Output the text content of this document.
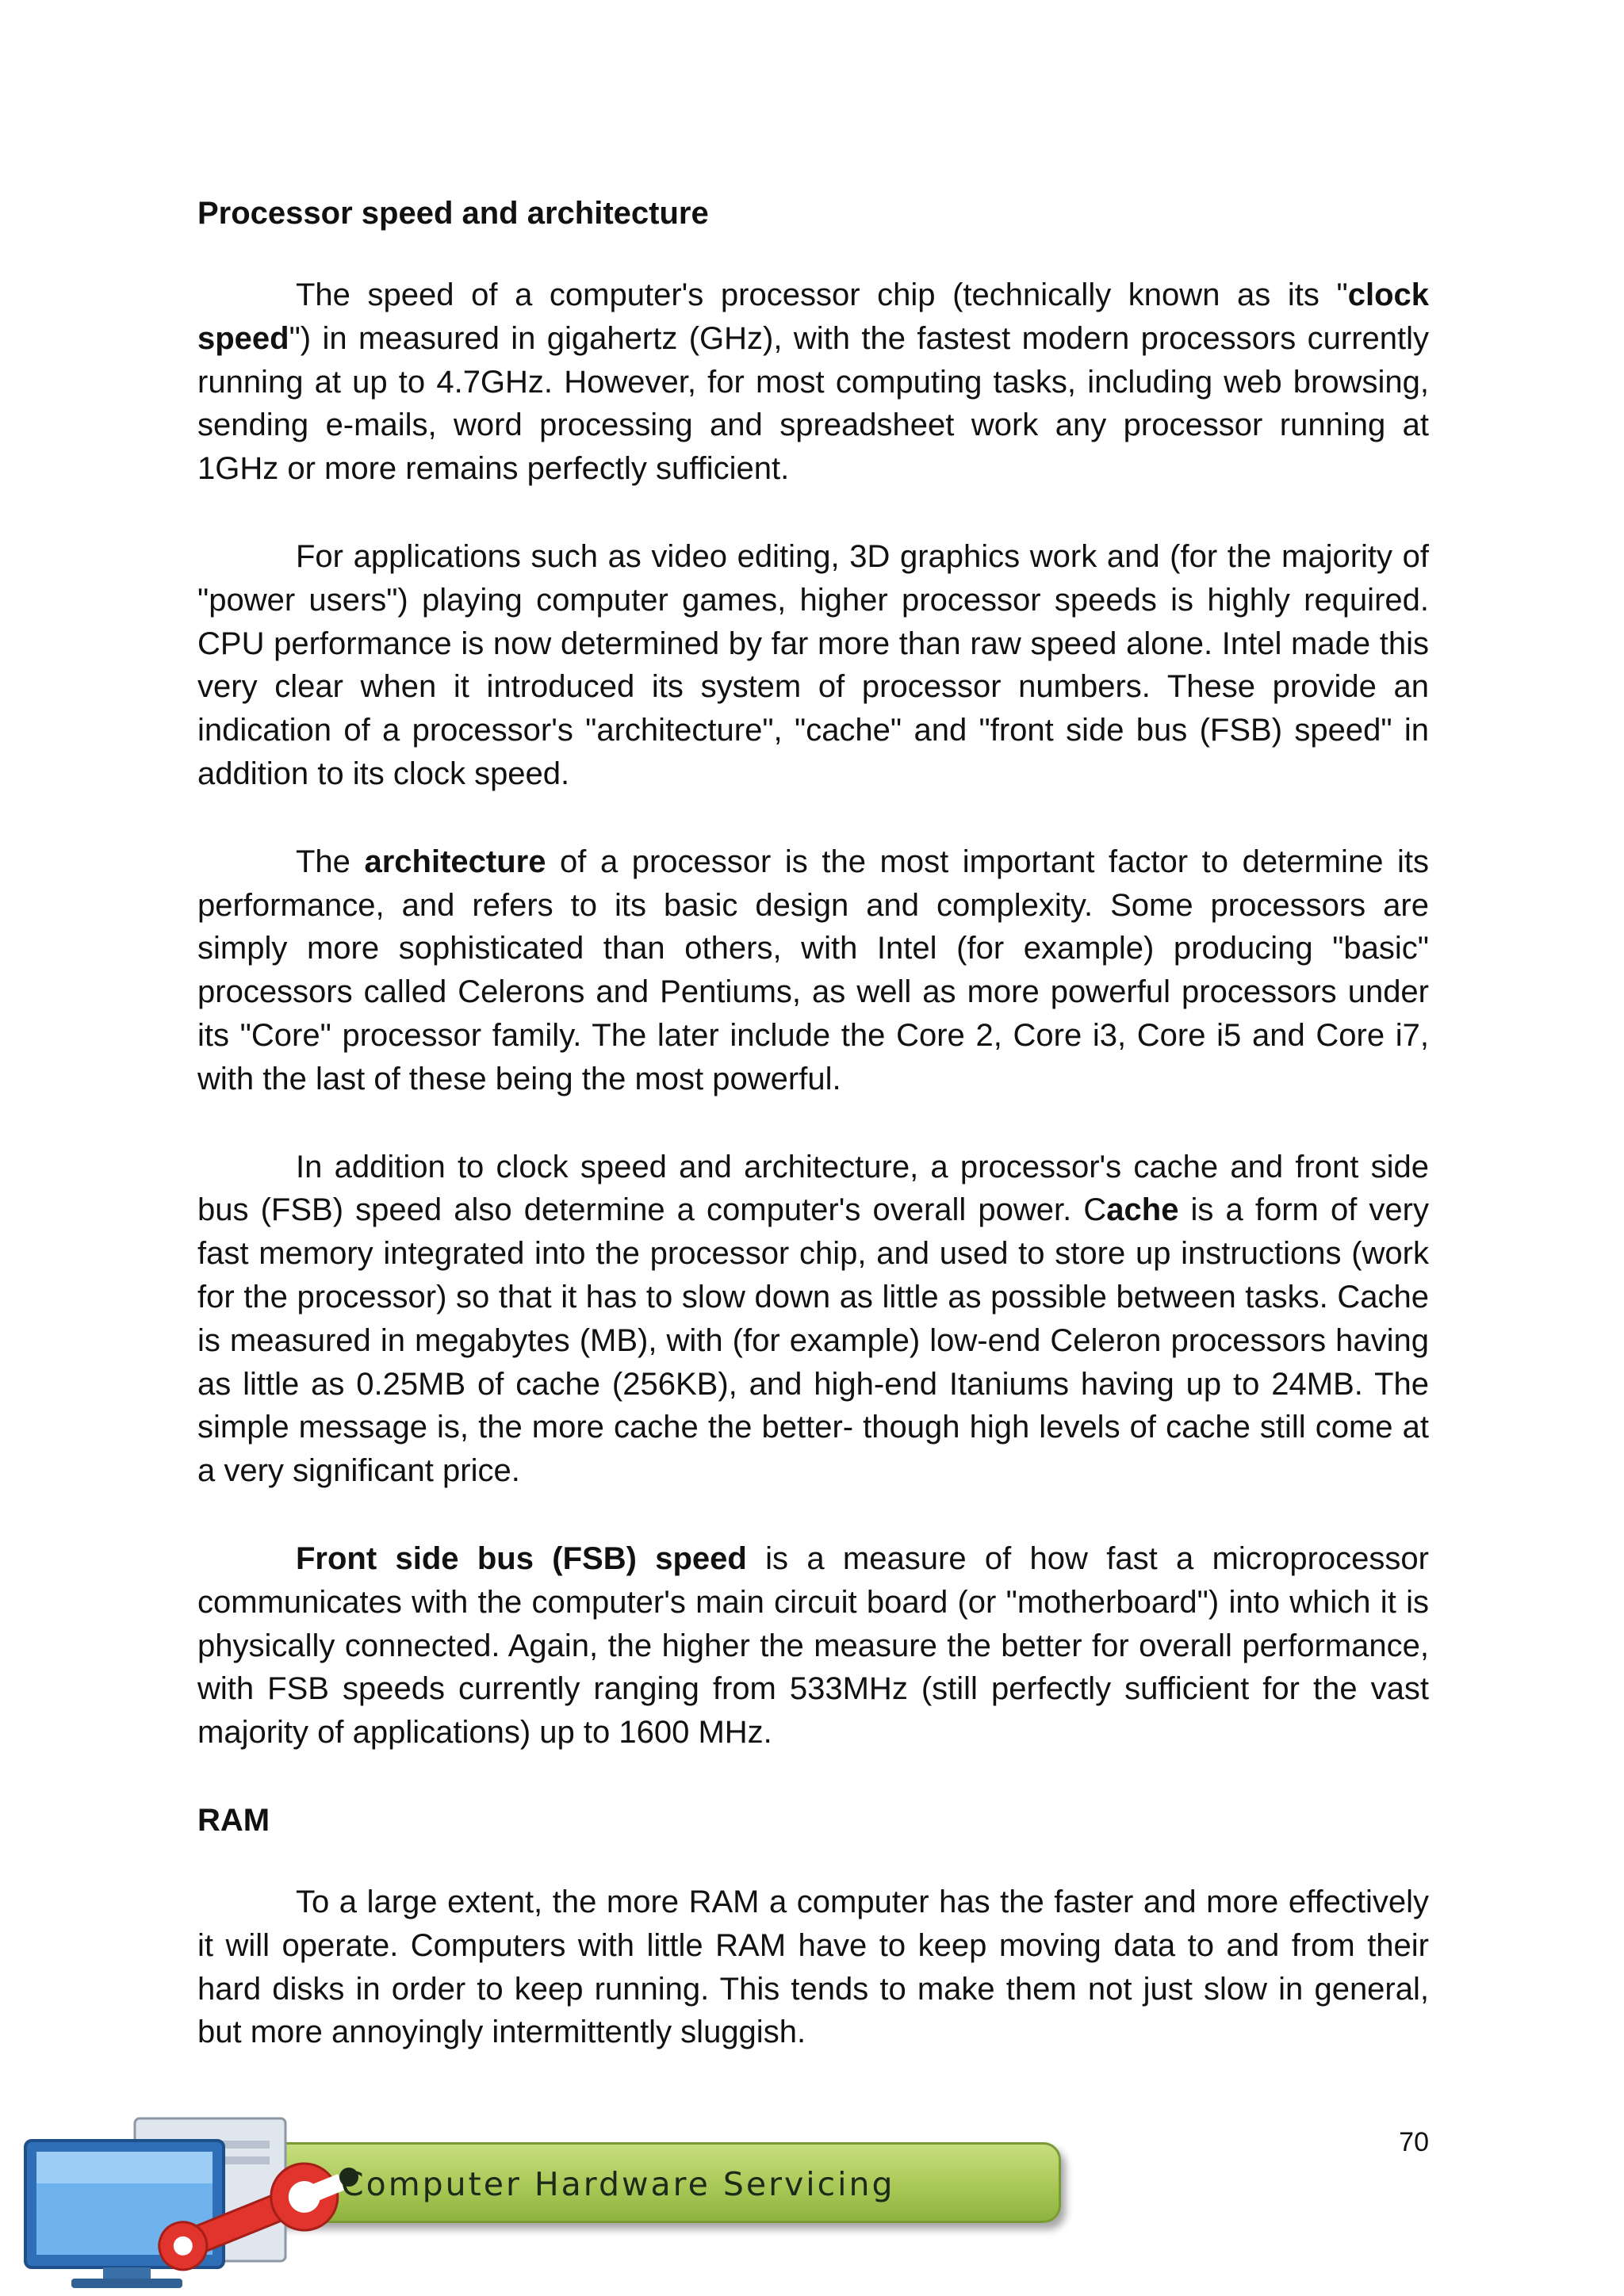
Processor speed and architecture

The speed of a computer's processor chip (technically known as its "clock speed") in measured in gigahertz (GHz), with the fastest modern processors currently running at up to 4.7GHz. However, for most computing tasks, including web browsing, sending e-mails, word processing and spreadsheet work any processor running at 1GHz or more remains perfectly sufficient.

For applications such as video editing, 3D graphics work and (for the majority of "power users") playing computer games, higher processor speeds is highly required. CPU performance is now determined by far more than raw speed alone. Intel made this very clear when it introduced its system of processor numbers. These provide an indication of a processor's "architecture", "cache" and "front side bus (FSB) speed" in addition to its clock speed.

The architecture of a processor is the most important factor to determine its performance, and refers to its basic design and complexity. Some processors are simply more sophisticated than others, with Intel (for example) producing "basic" processors called Celerons and Pentiums, as well as more powerful processors under its "Core" processor family. The later include the Core 2, Core i3, Core i5 and Core i7, with the last of these being the most powerful.

In addition to clock speed and architecture, a processor's cache and front side bus (FSB) speed also determine a computer's overall power. Cache is a form of very fast memory integrated into the processor chip, and used to store up instructions (work for the processor) so that it has to slow down as little as possible between tasks. Cache is measured in megabytes (MB), with (for example) low-end Celeron processors having as little as 0.25MB of cache (256KB), and high-end Itaniums having up to 24MB. The simple message is, the more cache the better- though high levels of cache still come at a very significant price.

Front side bus (FSB) speed is a measure of how fast a microprocessor communicates with the computer's main circuit board (or "motherboard") into which it is physically connected. Again, the higher the measure the better for overall performance, with FSB speeds currently ranging from 533MHz (still perfectly sufficient for the vast majority of applications) up to 1600 MHz.

RAM

To a large extent, the more RAM a computer has the faster and more effectively it will operate. Computers with little RAM have to keep moving data to and from their hard disks in order to keep running. This tends to make them not just slow in general, but more annoyingly intermittently sluggish.

70
Computer Hardware Servicing
